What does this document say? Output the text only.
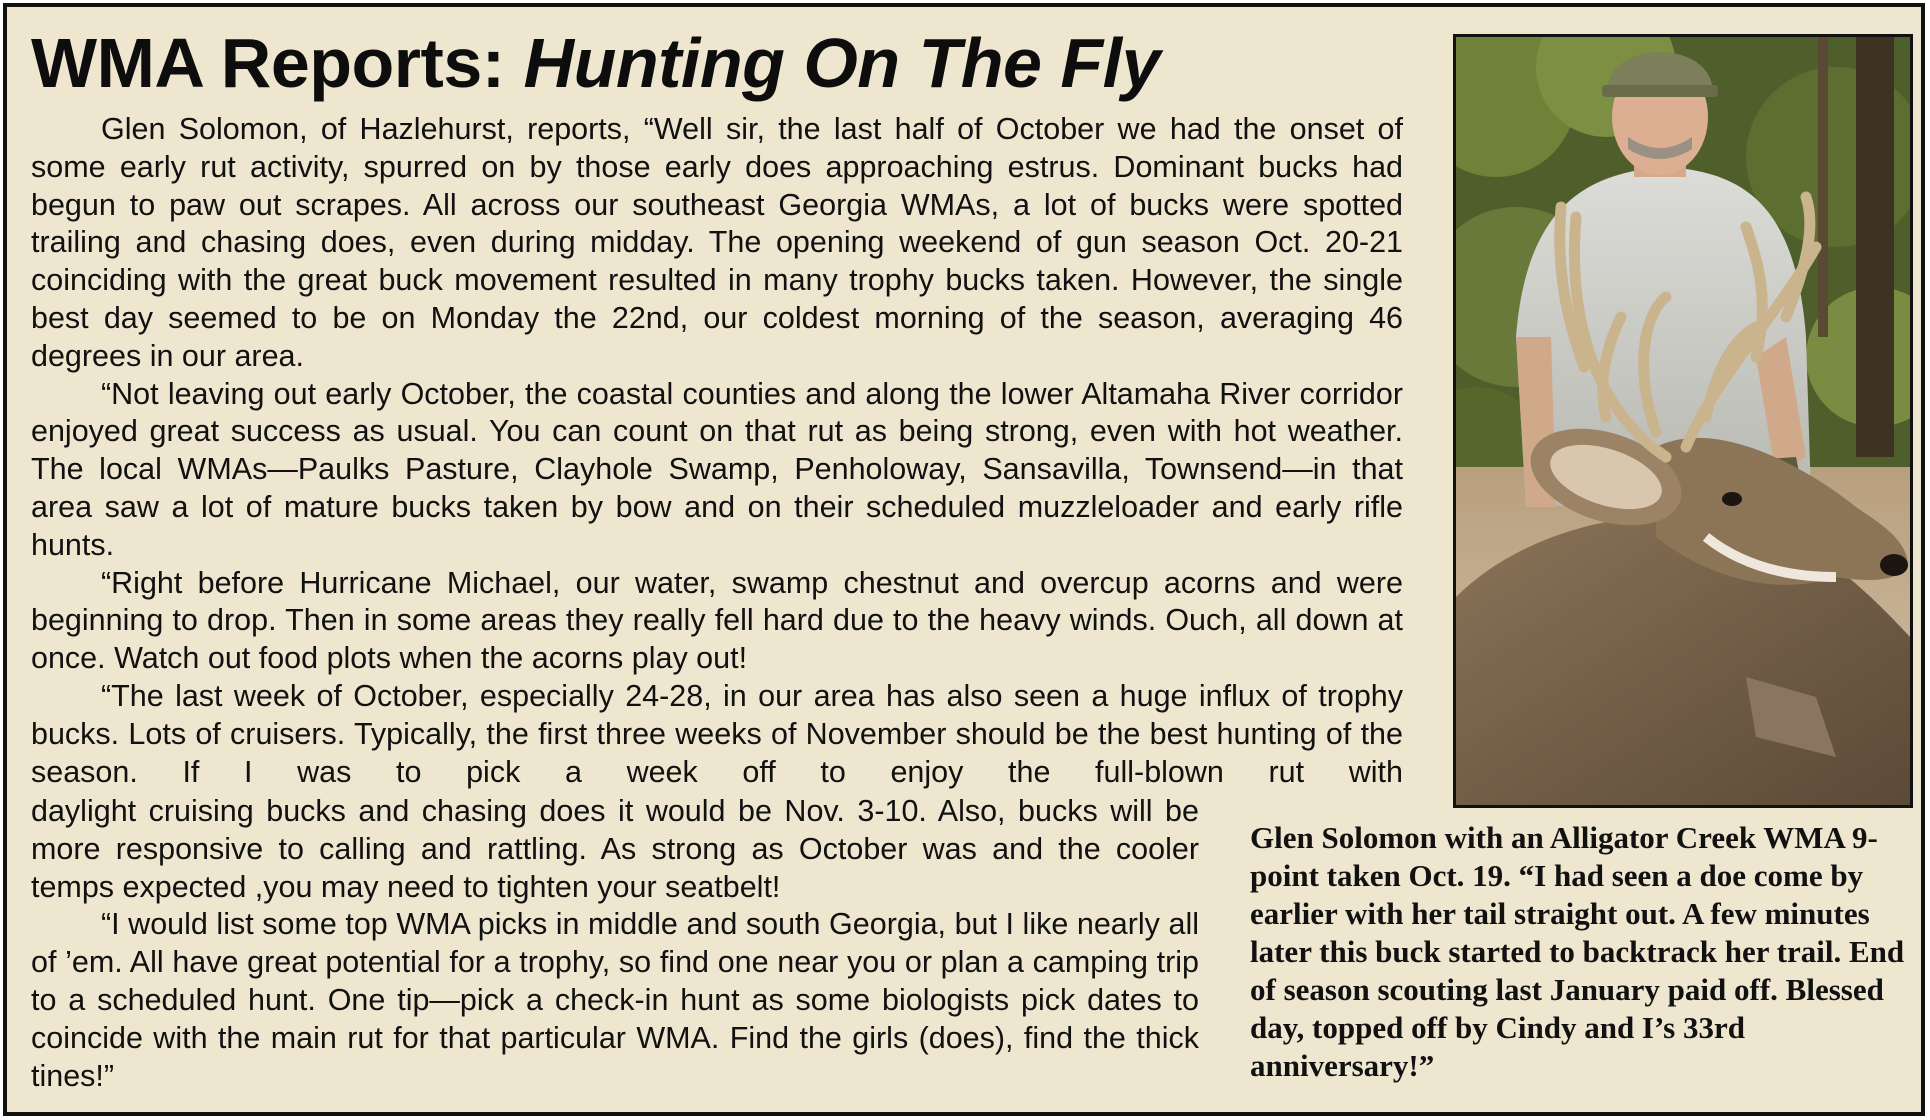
WMA Reports: Hunting On The Fly

Glen Solomon, of Hazlehurst, reports, “Well sir, the last half of October we had the onset of some early rut activity, spurred on by those early does approaching estrus. Dominant bucks had begun to paw out scrapes. All across our southeast Georgia WMAs, a lot of bucks were spotted trailing and chasing does, even during midday. The opening weekend of gun season Oct. 20-21 coinciding with the great buck movement resulted in many trophy bucks taken. However, the single best day seemed to be on Monday the 22nd, our coldest morning of the season, averaging 46 degrees in our area.

“Not leaving out early October, the coastal counties and along the lower Altamaha River corridor enjoyed great success as usual. You can count on that rut as being strong, even with hot weather. The local WMAs—Paulks Pasture, Clayhole Swamp, Penholoway, Sansavilla, Townsend—in that area saw a lot of mature bucks taken by bow and on their scheduled muzzleloader and early rifle hunts.

“Right before Hurricane Michael, our water, swamp chestnut and overcup acorns and were beginning to drop. Then in some areas they really fell hard due to the heavy winds. Ouch, all down at once. Watch out food plots when the acorns play out!

“The last week of October, especially 24-28, in our area has also seen a huge influx of trophy bucks. Lots of cruisers. Typically, the first three weeks of November should be the best hunting of the season. If I was to pick a week off to enjoy the full-blown rut with

daylight cruising bucks and chasing does it would be Nov. 3-10. Also, bucks will be more responsive to calling and rattling. As strong as October was and the cooler temps expected ,you may need to tighten your seatbelt!

“I would list some top WMA picks in middle and south Georgia, but I like nearly all of ’em. All have great potential for a trophy, so find one near you or plan a camping trip to a scheduled hunt. One tip—pick a check-in hunt as some biologists pick dates to coincide with the main rut for that particular WMA. Find the girls (does), find the thick tines!”

Glen Solomon with an Alligator Creek WMA 9-point taken Oct. 19. “I had seen a doe come by earlier with her tail straight out. A few minutes later this buck started to backtrack her trail. End of season scouting last January paid off. Blessed day, topped off by Cindy and I’s 33rd anniversary!”
